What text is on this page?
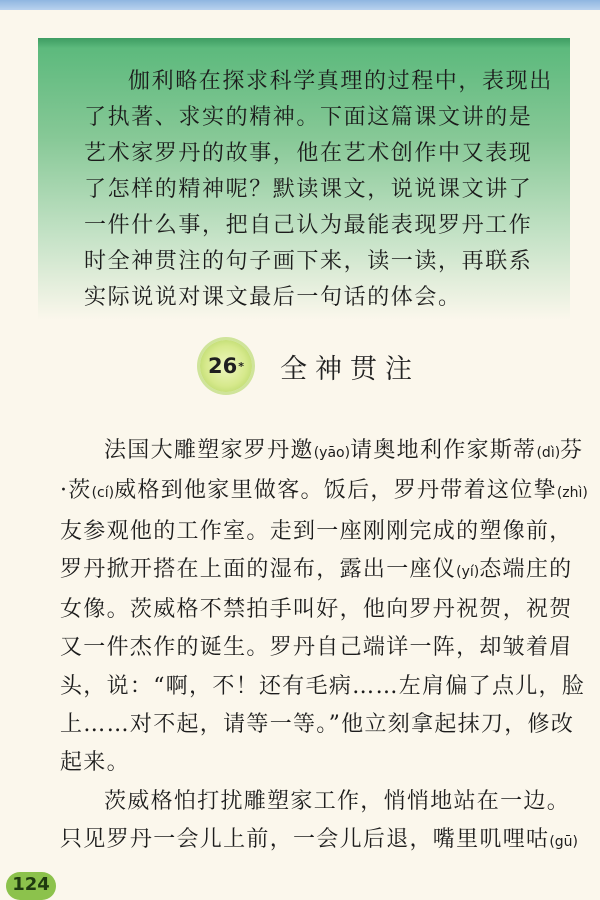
伽利略在探求科学真理的过程中，表现出了执著、求实的精神。下面这篇课文讲的是艺术家罗丹的故事，他在艺术创作中又表现了怎样的精神呢？默读课文，说说课文讲了一件什么事，把自己认为最能表现罗丹工作时全神贯注的句子画下来，读一读，再联系实际说说对课文最后一句话的体会。

26 * 全神贯注

法国大雕塑家罗丹邀(yāo)请奥地利作家斯蒂(dì)芬·茨(cí)威格到他家里做客。饭后，罗丹带着这位挚(zhì)友参观他的工作室。走到一座刚刚完成的塑像前，罗丹掀开搭在上面的湿布，露出一座仪(yí)态端庄的女像。茨威格不禁拍手叫好，他向罗丹祝贺，祝贺又一件杰作的诞生。罗丹自己端详一阵，却皱着眉头，说：“啊，不！还有毛病……左肩偏了点儿，脸上……对不起，请等一等。”他立刻拿起抹刀，修改起来。

茨威格怕打扰雕塑家工作，悄悄地站在一边。只见罗丹一会儿上前，一会儿后退，嘴里叽哩咕(gū)

124
